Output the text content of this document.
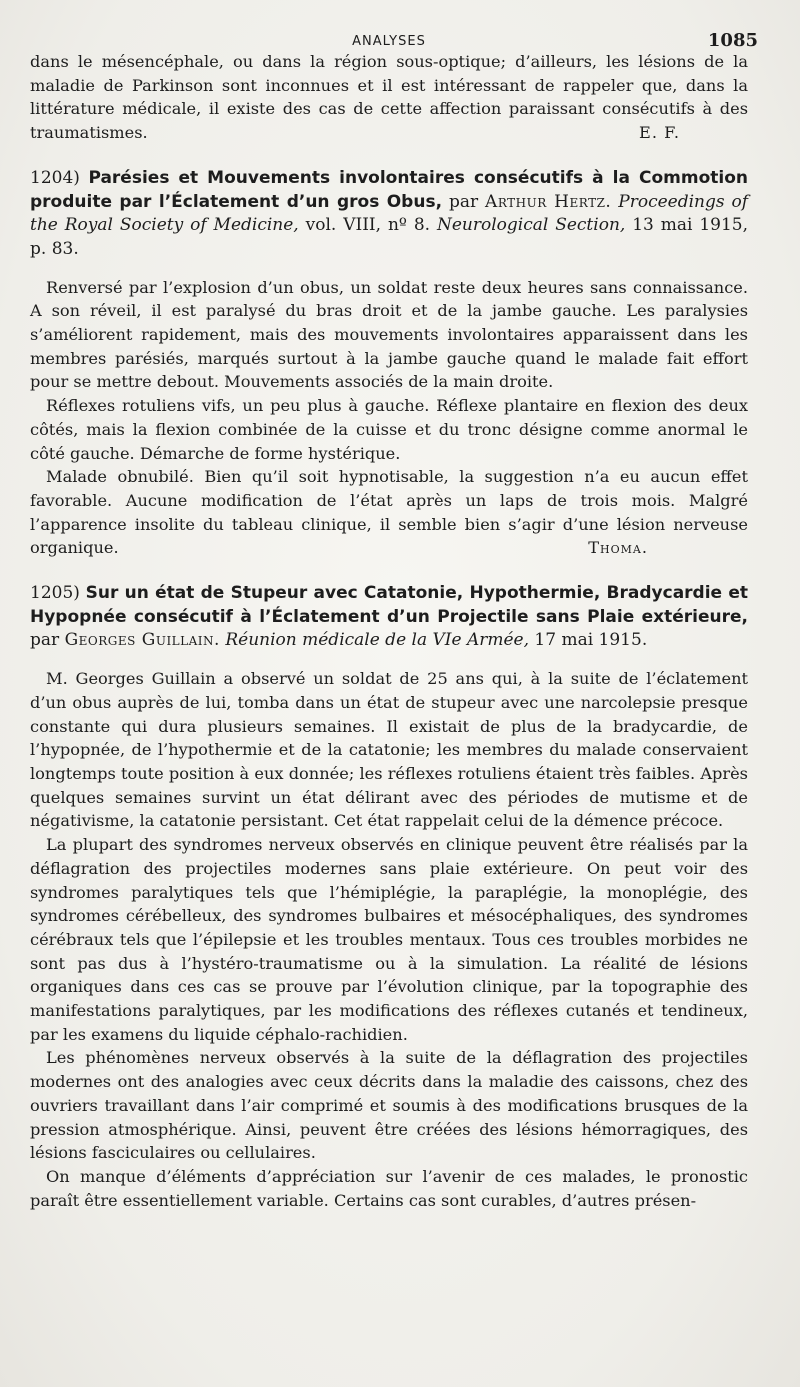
ANALYSES	1085

dans le mésencéphale, ou dans la région sous-optique; d’ailleurs, les lésions de la maladie de Parkinson sont inconnues et il est intéressant de rappeler que, dans la littérature médicale, il existe des cas de cette affection paraissant consécutifs à des traumatismes.	E. F.

1204) Parésies et Mouvements involontaires consécutifs à la Commotion produite par l’Éclatement d’un gros Obus, par Arthur Hertz. Proceedings of the Royal Society of Medicine, vol. VIII, nº 8. Neurological Section, 13 mai 1915, p. 83.

Renversé par l’explosion d’un obus, un soldat reste deux heures sans connaissance. A son réveil, il est paralysé du bras droit et de la jambe gauche. Les paralysies s’améliorent rapidement, mais des mouvements involontaires apparaissent dans les membres parésiés, marqués surtout à la jambe gauche quand le malade fait effort pour se mettre debout. Mouvements associés de la main droite.

Réflexes rotuliens vifs, un peu plus à gauche. Réflexe plantaire en flexion des deux côtés, mais la flexion combinée de la cuisse et du tronc désigne comme anormal le côté gauche. Démarche de forme hystérique.

Malade obnubilé. Bien qu’il soit hypnotisable, la suggestion n’a eu aucun effet favorable. Aucune modification de l’état après un laps de trois mois. Malgré l’apparence insolite du tableau clinique, il semble bien s’agir d’une lésion nerveuse organique.	Thoma.

1205) Sur un état de Stupeur avec Catatonie, Hypothermie, Bradycardie et Hypopnée consécutif à l’Éclatement d’un Projectile sans Plaie extérieure, par Georges Guillain. Réunion médicale de la VIe Armée, 17 mai 1915.

M. Georges Guillain a observé un soldat de 25 ans qui, à la suite de l’éclatement d’un obus auprès de lui, tomba dans un état de stupeur avec une narcolepsie presque constante qui dura plusieurs semaines. Il existait de plus de la bradycardie, de l’hypopnée, de l’hypothermie et de la catatonie; les membres du malade conservaient longtemps toute position à eux donnée; les réflexes rotuliens étaient très faibles. Après quelques semaines survint un état délirant avec des périodes de mutisme et de négativisme, la catatonie persistant. Cet état rappelait celui de la démence précoce.

La plupart des syndromes nerveux observés en clinique peuvent être réalisés par la déflagration des projectiles modernes sans plaie extérieure. On peut voir des syndromes paralytiques tels que l’hémiplégie, la paraplégie, la monoplégie, des syndromes cérébelleux, des syndromes bulbaires et mésocéphaliques, des syndromes cérébraux tels que l’épilepsie et les troubles mentaux. Tous ces troubles morbides ne sont pas dus à l’hystéro-traumatisme ou à la simulation. La réalité de lésions organiques dans ces cas se prouve par l’évolution clinique, par la topographie des manifestations paralytiques, par les modifications des réflexes cutanés et tendineux, par les examens du liquide céphalo-rachidien.

Les phénomènes nerveux observés à la suite de la déflagration des projectiles modernes ont des analogies avec ceux décrits dans la maladie des caissons, chez des ouvriers travaillant dans l’air comprimé et soumis à des modifications brusques de la pression atmosphérique. Ainsi, peuvent être créées des lésions hémorragiques, des lésions fasciculaires ou cellulaires.

On manque d’éléments d’appréciation sur l’avenir de ces malades, le pronostic paraît être essentiellement variable. Certains cas sont curables, d’autres présen-
